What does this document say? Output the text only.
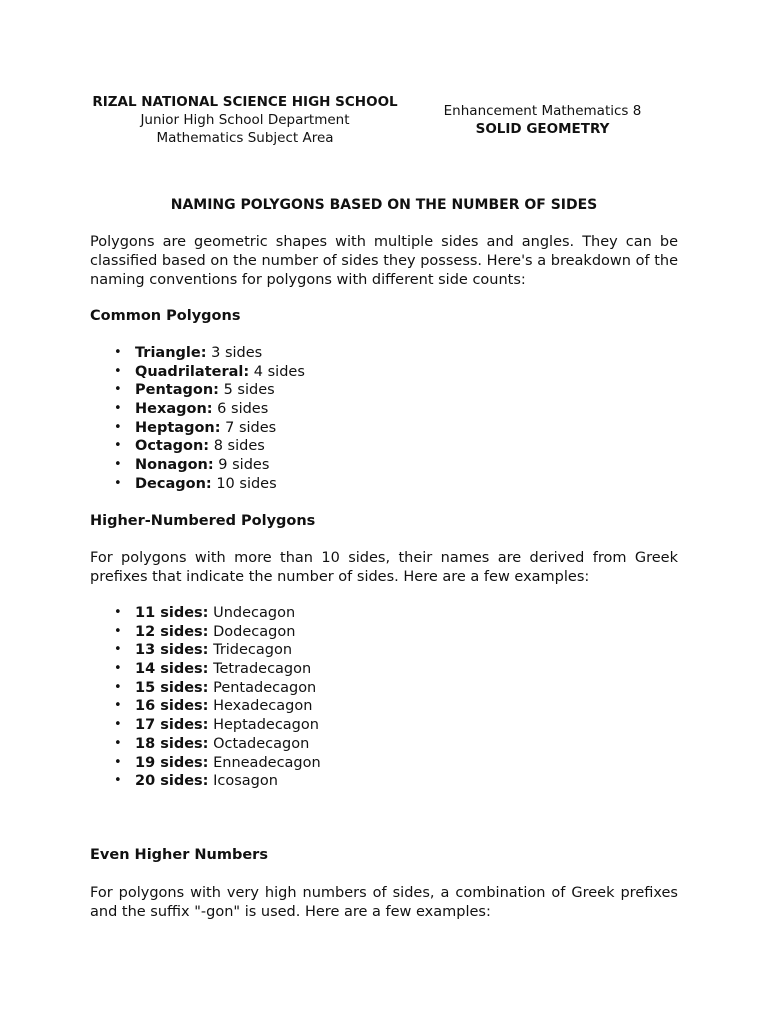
RIZAL NATIONAL SCIENCE HIGH SCHOOL
Junior High School Department
Mathematics Subject Area
Enhancement Mathematics 8
SOLID GEOMETRY
NAMING POLYGONS BASED ON THE NUMBER OF SIDES
Polygons are geometric shapes with multiple sides and angles. They can be classified based on the number of sides they possess. Here's a breakdown of the naming conventions for polygons with different side counts:
Common Polygons
• Triangle: 3 sides
• Quadrilateral: 4 sides
• Pentagon: 5 sides
• Hexagon: 6 sides
• Heptagon: 7 sides
• Octagon: 8 sides
• Nonagon: 9 sides
• Decagon: 10 sides
Higher-Numbered Polygons
For polygons with more than 10 sides, their names are derived from Greek prefixes that indicate the number of sides. Here are a few examples:
• 11 sides: Undecagon
• 12 sides: Dodecagon
• 13 sides: Tridecagon
• 14 sides: Tetradecagon
• 15 sides: Pentadecagon
• 16 sides: Hexadecagon
• 17 sides: Heptadecagon
• 18 sides: Octadecagon
• 19 sides: Enneadecagon
• 20 sides: Icosagon
Even Higher Numbers
For polygons with very high numbers of sides, a combination of Greek prefixes and the suffix "-gon" is used. Here are a few examples:
